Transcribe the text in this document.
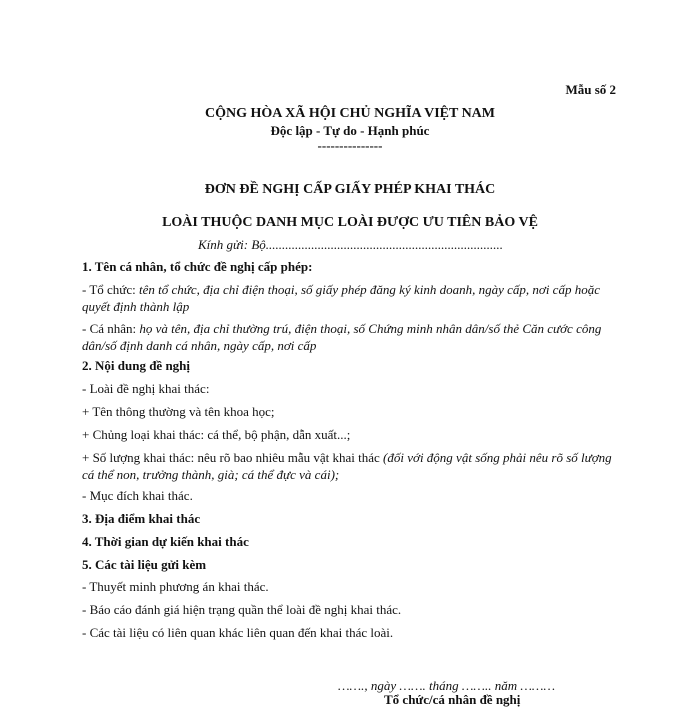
Mẫu số 2
CỘNG HÒA XÃ HỘI CHỦ NGHĨA VIỆT NAM
Độc lập - Tự do - Hạnh phúc
---------------
ĐƠN ĐỀ NGHỊ CẤP GIẤY PHÉP KHAI THÁC
LOÀI THUỘC DANH MỤC LOÀI ĐƯỢC ƯU TIÊN BẢO VỆ
Kính gửi: Bộ.........................................................................
1. Tên cá nhân, tổ chức đề nghị cấp phép:
- Tổ chức: tên tổ chức, địa chỉ điện thoại, số giấy phép đăng ký kinh doanh, ngày cấp, nơi cấp hoặc quyết định thành lập
- Cá nhân: họ và tên, địa chỉ thường trú, điện thoại, số Chứng minh nhân dân/số thẻ Căn cước công dân/số định danh cá nhân, ngày cấp, nơi cấp
2. Nội dung đề nghị
- Loài đề nghị khai thác:
+ Tên thông thường và tên khoa học;
+ Chủng loại khai thác: cá thể, bộ phận, dẫn xuất...;
+ Số lượng khai thác: nêu rõ bao nhiêu mẫu vật khai thác (đối với động vật sống phải nêu rõ số lượng cá thể non, trưởng thành, già; cá thể đực và cái);
- Mục đích khai thác.
3. Địa điểm khai thác
4. Thời gian dự kiến khai thác
5. Các tài liệu gửi kèm
- Thuyết minh phương án khai thác.
- Báo cáo đánh giá hiện trạng quần thể loài đề nghị khai thác.
- Các tài liệu có liên quan khác liên quan đến khai thác loài.
……., ngày ……. tháng …….. năm ………
Tổ chức/cá nhân đề nghị
